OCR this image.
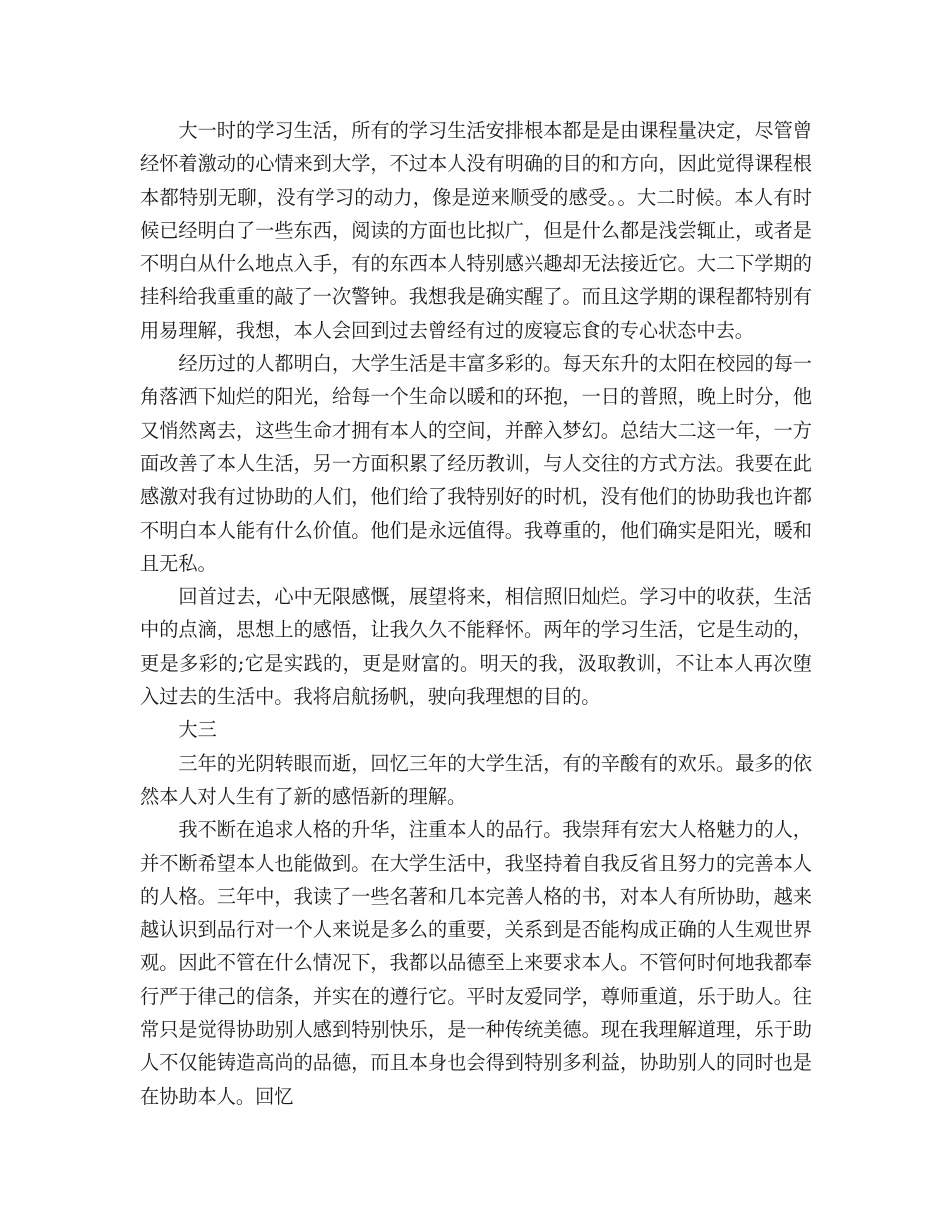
大一时的学习生活，所有的学习生活安排根本都是是由课程量决定，尽管曾经怀着激动的心情来到大学，不过本人没有明确的目的和方向，因此觉得课程根本都特别无聊，没有学习的动力，像是逆来顺受的感受。。大二时候。本人有时候已经明白了一些东西，阅读的方面也比拟广，但是什么都是浅尝辄止，或者是不明白从什么地点入手，有的东西本人特别感兴趣却无法接近它。大二下学期的挂科给我重重的敲了一次警钟。我想我是确实醒了。而且这学期的课程都特别有用易理解，我想，本人会回到过去曾经有过的废寝忘食的专心状态中去。

经历过的人都明白，大学生活是丰富多彩的。每天东升的太阳在校园的每一角落洒下灿烂的阳光，给每一个生命以暖和的环抱，一日的普照，晚上时分，他又悄然离去，这些生命才拥有本人的空间，并醉入梦幻。总结大二这一年，一方面改善了本人生活，另一方面积累了经历教训，与人交往的方式方法。我要在此感激对我有过协助的人们，他们给了我特别好的时机，没有他们的协助我也许都不明白本人能有什么价值。他们是永远值得。我尊重的，他们确实是阳光，暖和且无私。

回首过去，心中无限感慨，展望将来，相信照旧灿烂。学习中的收获，生活中的点滴，思想上的感悟，让我久久不能释怀。两年的学习生活，它是生动的，更是多彩的;它是实践的，更是财富的。明天的我，汲取教训，不让本人再次堕入过去的生活中。我将启航扬帆，驶向我理想的目的。

大三

三年的光阴转眼而逝，回忆三年的大学生活，有的辛酸有的欢乐。最多的依然本人对人生有了新的感悟新的理解。

我不断在追求人格的升华，注重本人的品行。我崇拜有宏大人格魅力的人，并不断希望本人也能做到。在大学生活中，我坚持着自我反省且努力的完善本人的人格。三年中，我读了一些名著和几本完善人格的书，对本人有所协助，越来越认识到品行对一个人来说是多么的重要，关系到是否能构成正确的人生观世界观。因此不管在什么情况下，我都以品德至上来要求本人。不管何时何地我都奉行严于律己的信条，并实在的遵行它。平时友爱同学，尊师重道，乐于助人。往常只是觉得协助别人感到特别快乐，是一种传统美德。现在我理解道理，乐于助人不仅能铸造高尚的品德，而且本身也会得到特别多利益，协助别人的同时也是在协助本人。回忆
